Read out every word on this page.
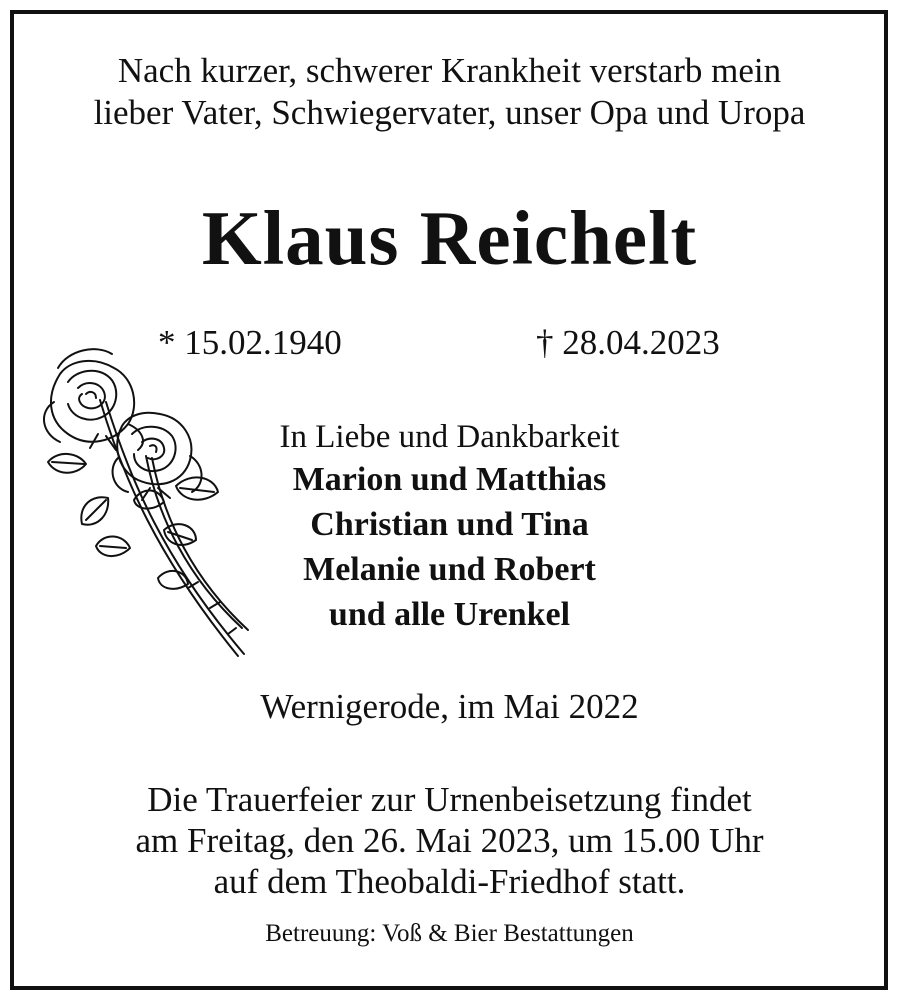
Nach kurzer, schwerer Krankheit verstarb mein
lieber Vater, Schwiegervater, unser Opa und Uropa
Klaus Reichelt
* 15.02.1940	† 28.04.2023
In Liebe und Dankbarkeit
Marion und Matthias
Christian und Tina
Melanie und Robert
und alle Urenkel
Wernigerode, im Mai 2022
Die Trauerfeier zur Urnenbeisetzung findet
am Freitag, den 26. Mai 2023, um 15.00 Uhr
auf dem Theobaldi-Friedhof statt.
Betreuung: Voß & Bier Bestattungen
